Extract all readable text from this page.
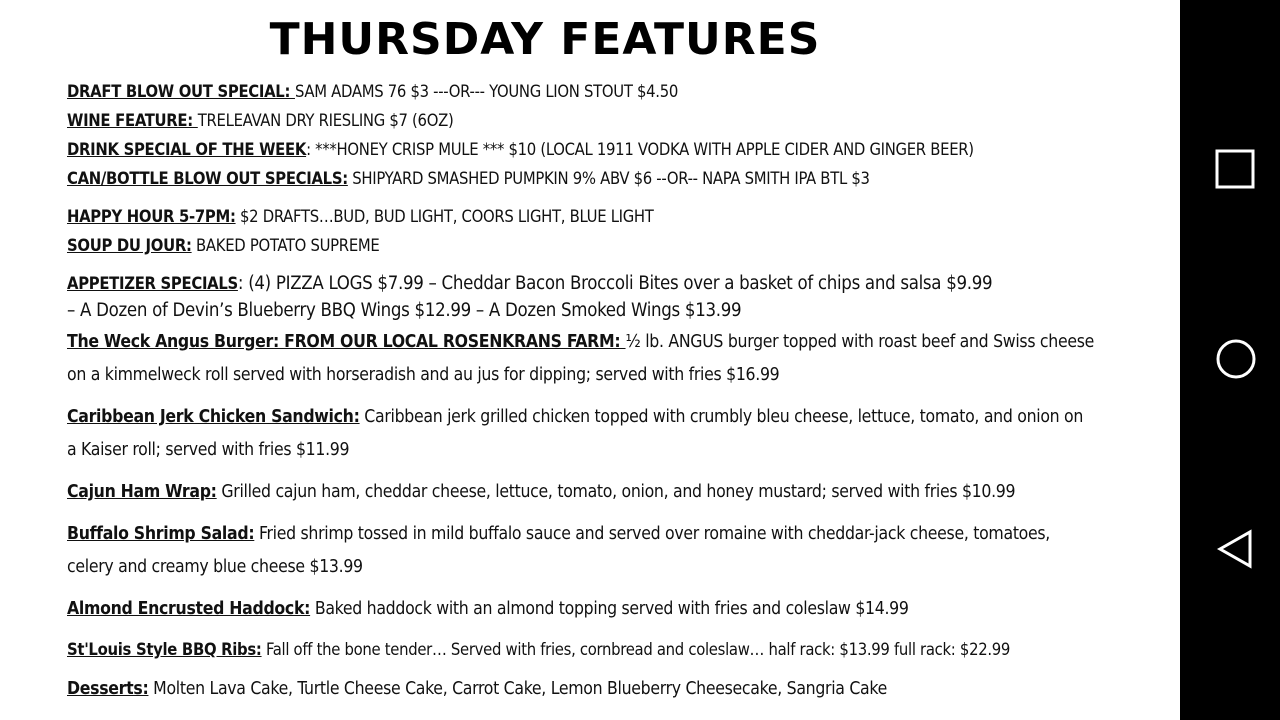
THURSDAY FEATURES
DRAFT BLOW OUT SPECIAL: SAM ADAMS 76 $3 ---OR--- YOUNG LION STOUT $4.50
WINE FEATURE: TRELEAVAN DRY RIESLING $7 (6OZ)
DRINK SPECIAL OF THE WEEK: ***HONEY CRISP MULE *** $10 (LOCAL 1911 VODKA WITH APPLE CIDER AND GINGER BEER)
CAN/BOTTLE BLOW OUT SPECIALS: SHIPYARD SMASHED PUMPKIN 9% ABV $6 --OR-- NAPA SMITH IPA BTL $3
HAPPY HOUR 5-7PM: $2 DRAFTS…BUD, BUD LIGHT, COORS LIGHT, BLUE LIGHT
SOUP DU JOUR: BAKED POTATO SUPREME
APPETIZER SPECIALS: (4) PIZZA LOGS $7.99 – Cheddar Bacon Broccoli Bites over a basket of chips and salsa $9.99
– A Dozen of Devin’s Blueberry BBQ Wings $12.99 – A Dozen Smoked Wings $13.99
The Weck Angus Burger: FROM OUR LOCAL ROSENKRANS FARM: ½ lb. ANGUS burger topped with roast beef and Swiss cheese
on a kimmelweck roll served with horseradish and au jus for dipping; served with fries $16.99
Caribbean Jerk Chicken Sandwich: Caribbean jerk grilled chicken topped with crumbly bleu cheese, lettuce, tomato, and onion on
a Kaiser roll; served with fries $11.99
Cajun Ham Wrap: Grilled cajun ham, cheddar cheese, lettuce, tomato, onion, and honey mustard; served with fries $10.99
Buffalo Shrimp Salad: Fried shrimp tossed in mild buffalo sauce and served over romaine with cheddar-jack cheese, tomatoes,
celery and creamy blue cheese $13.99
Almond Encrusted Haddock: Baked haddock with an almond topping served with fries and coleslaw $14.99
St'Louis Style BBQ Ribs: Fall off the bone tender… Served with fries, cornbread and coleslaw… half rack: $13.99 full rack: $22.99
Desserts: Molten Lava Cake, Turtle Cheese Cake, Carrot Cake, Lemon Blueberry Cheesecake, Sangria Cake
